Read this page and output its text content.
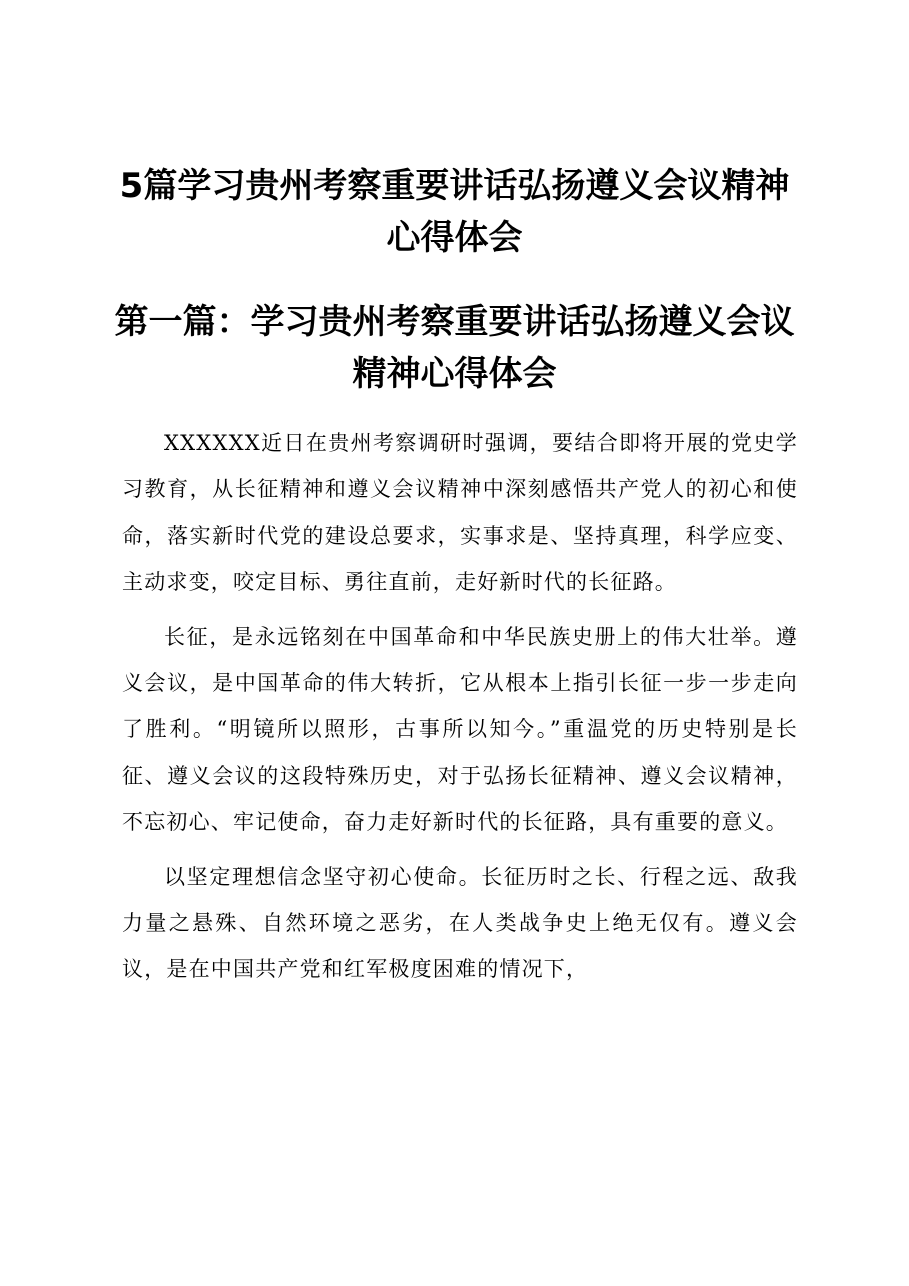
5篇学习贵州考察重要讲话弘扬遵义会议精神心得体会
第一篇：学习贵州考察重要讲话弘扬遵义会议精神心得体会

XXXXXX近日在贵州考察调研时强调，要结合即将开展的党史学习教育，从长征精神和遵义会议精神中深刻感悟共产党人的初心和使命，落实新时代党的建设总要求，实事求是、坚持真理，科学应变、主动求变，咬定目标、勇往直前，走好新时代的长征路。

长征，是永远铭刻在中国革命和中华民族史册上的伟大壮举。遵义会议，是中国革命的伟大转折，它从根本上指引长征一步一步走向了胜利。“明镜所以照形，古事所以知今。”重温党的历史特别是长征、遵义会议的这段特殊历史，对于弘扬长征精神、遵义会议精神，不忘初心、牢记使命，奋力走好新时代的长征路，具有重要的意义。

以坚定理想信念坚守初心使命。长征历时之长、行程之远、敌我力量之悬殊、自然环境之恶劣，在人类战争史上绝无仅有。遵义会议，是在中国共产党和红军极度困难的情况下，
